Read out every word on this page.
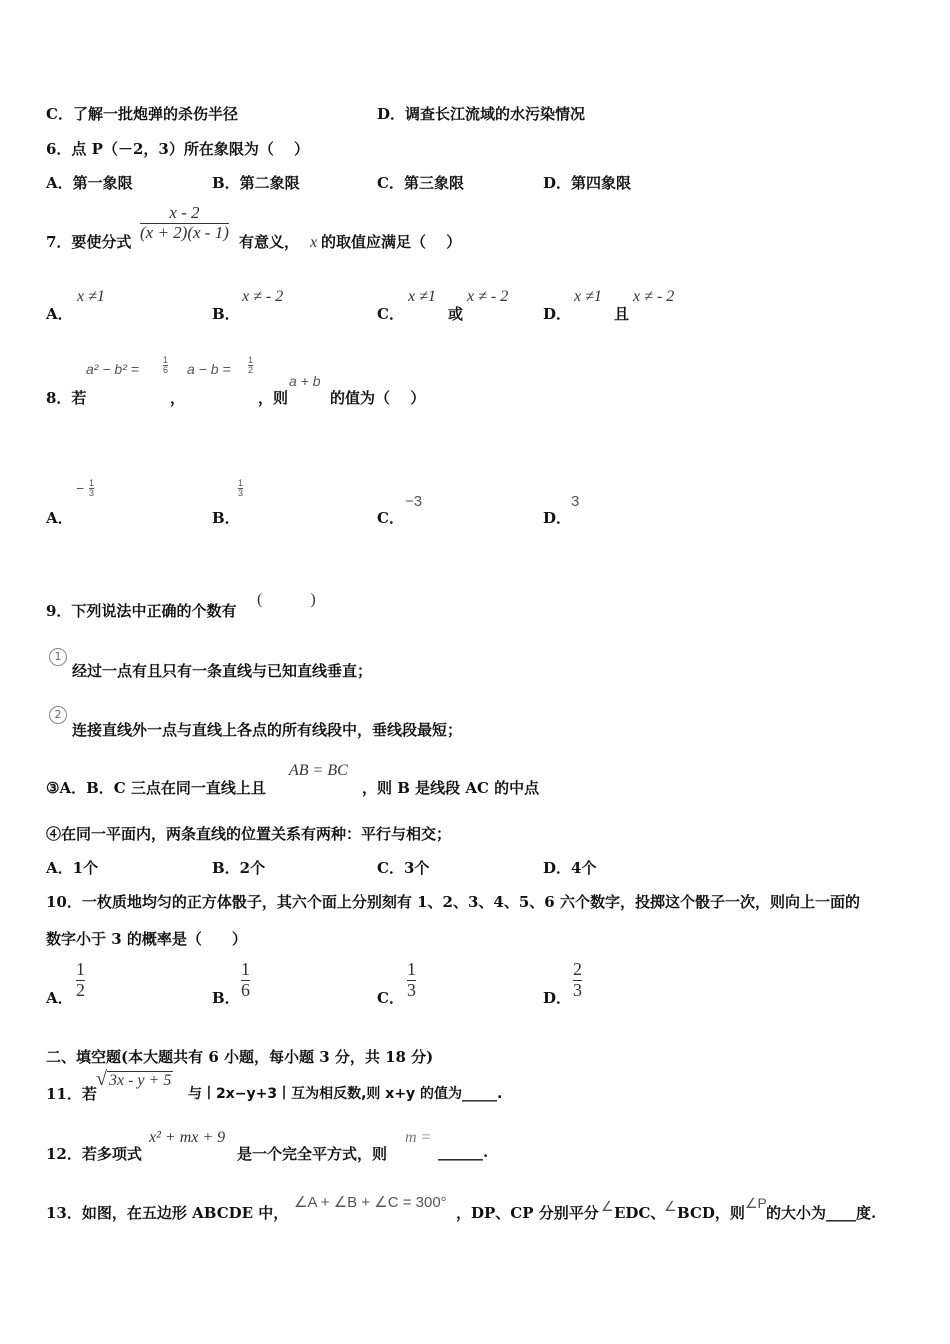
C．了解一批炮弹的杀伤半径	D．调查长江流域的水污染情况
6．点 P（－2，3）所在象限为（　 ）
A．第一象限	B．第二象限	C．第三象限	D．第四象限
7．要使分式
x - 2
(x + 2)(x - 1)
有意义， x 的取值应满足（　 ）
A．
x ≠1
B．
x ≠ - 2
C．
x ≠1
或
x ≠ - 2
D．
x ≠1
且
x ≠ - 2
8．若
a² − b² =
1
6
，
a − b =
1
2
，则
a + b
的值为（　 ）
A．
− 1
3
B．
1
3
C．
−3
D．
3
9．下列说法中正确的个数有
(　　　)
1
经过一点有且只有一条直线与已知直线垂直；
2
连接直线外一点与直线上各点的所有线段中，垂线段最短；
③A．B．C 三点在同一直线上且
AB = BC
，则 B 是线段 AC 的中点
④在同一平面内，两条直线的位置关系有两种：平行与相交；
A．1个	B．2个	C．3个	D．4个
10．一枚质地均匀的正方体骰子，其六个面上分别刻有 1、2、3、4、5、6 六个数字，投掷这个骰子一次，则向上一面的
数字小于 3 的概率是（　　）
A．
1
2	B．
1
6	C．
1
3	D．
2
3
二、填空题(本大题共有 6 小题，每小题 3 分，共 18 分)
11．若
√ 3x - y + 5
与丨2x−y+3丨互为相反数,则 x+y 的值为_____.
12．若多项式
x² + mx + 9
是一个完全平方式，则
m =
______.
13．如图，在五边形 ABCDE 中，
∠A + ∠B + ∠C = 300°
，DP、CP 分别平分 ∠ EDC、
∠ BCD，则
∠P
的大小为____度.
